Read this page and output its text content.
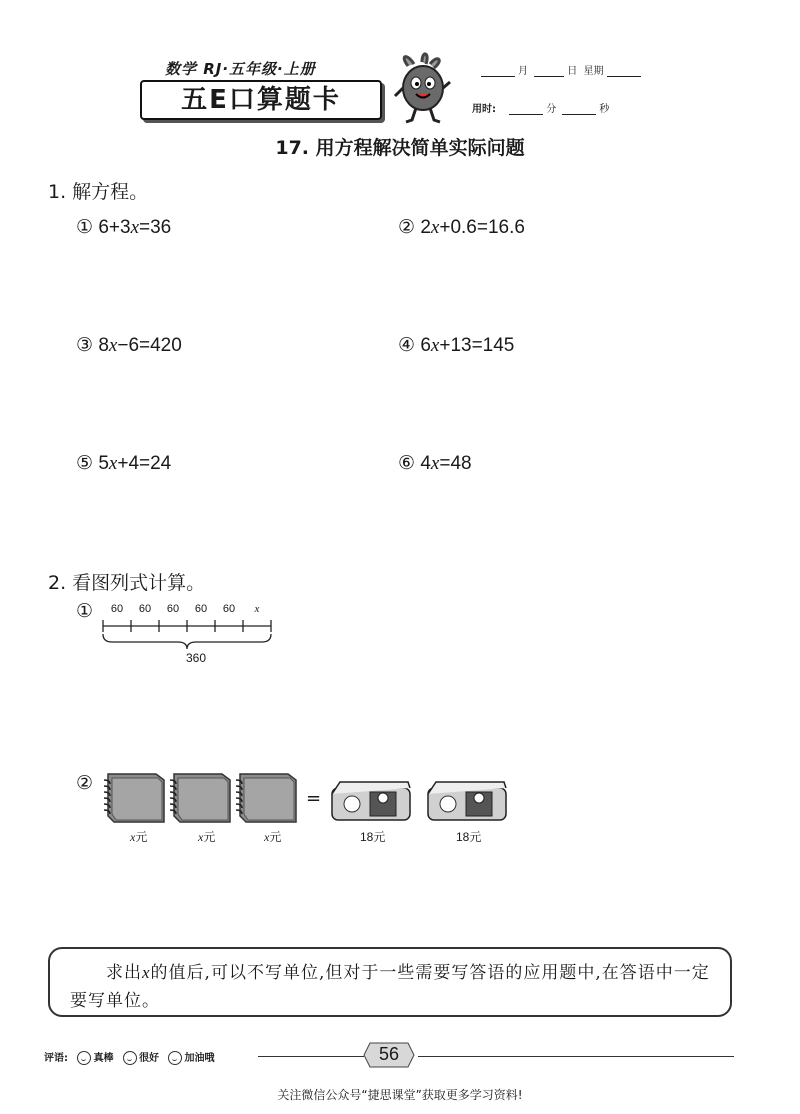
数学 RJ·五年级·上册
五E口算题卡
月	日 星期
用时:	分	秒
17. 用方程解决简单实际问题
1. 解方程。
① 6+3x=36	② 2x+0.6=16.6
③ 8x−6=420	④ 6x+13=145
⑤ 5x+4=24	⑥ 4x=48
2. 看图列式计算。
①	60	60	60	60	60	x
360
②
x元	x元	x元
=
18元	18元
  求出x的值后,可以不写单位,但对于一些需要写答语的应用题中,在答语中一定要写单位。
评语:	真棒	很好	加油哦	56
关注微信公众号“捷思课堂”获取更多学习资料!
